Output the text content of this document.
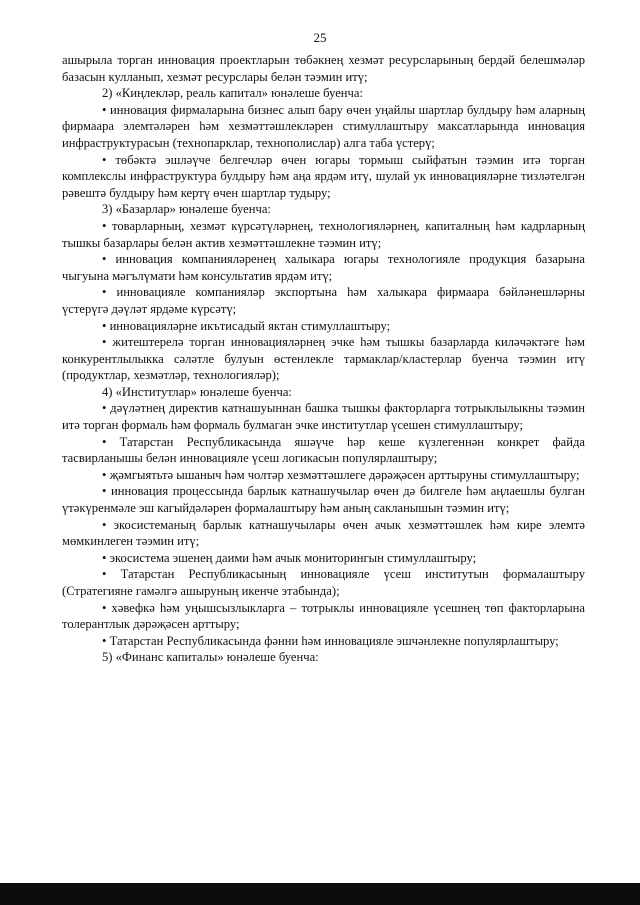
25

ашырыла торган инновация проектларын төбәкнең хезмәт ресурсларының бердәй белешмәләр базасын кулланып, хезмәт ресурслары белән тәэмин итү;

2) «Киңлекләр, реаль капитал» юнәлеше буенча:

• инновация фирмаларына бизнес алып бару өчен уңайлы шартлар булдыру һәм аларның фирмаара элемтәләрен һәм хезмәттәшлекләрен стимуллаштыру максатларында инновация инфраструктурасын (технопарклар, технополислар) алга таба үстерү;

• төбәктә эшләүче белгечләр өчен югары тормыш сыйфатын тәэмин итә торган комплекслы инфраструктура булдыру һәм аңа ярдәм итү, шулай ук инновацияләрне тизләтелгән рәвештә булдыру һәм кертү өчен шартлар тудыру;

3) «Базарлар» юнәлеше буенча:

• товарларның, хезмәт күрсәтүләрнең, технологияләрнең, капиталның һәм кадрларның тышкы базарлары белән актив хезмәттәшлекне тәэмин итү;

• инновация компанияләренең халыкара югары технологияле продукция базарына чыгуына мәгълүмати һәм консультатив ярдәм итү;

• инновацияле компанияләр экспортына һәм халыкара фирмаара бәйләнешләрны үстерүгә дәүләт ярдәме күрсәтү;

• инновацияләрне икътисадый яктан стимуллаштыру;

• житештерелә торган инновацияләрнең эчке һәм тышкы базарларда киләчәктәге һәм конкурентлылыкка сәләтле булуын өстенлекле тармаклар/кластерлар буенча тәэмин итү (продуктлар, хезмәтләр, технологияләр);

4) «Институтлар» юнәлеше буенча:

• дәүләтнең директив катнашуыннан башка тышкы факторларга тотрыклылыкны тәэмин итә торган формаль һәм формаль булмаган эчке институтлар үсешен стимуллаштыру;

• Татарстан Республикасында яшәүче һәр кеше күзлегеннән конкрет файда тасвирланышы белән инновацияле үсеш логикасын популярлаштыру;

• җәмгыятьтә ышаныч һәм чолтәр хезмәттәшлеге дәрәҗәсен арттыруны стимуллаштыру;

• инновация процессында барлык катнашучылар өчен дә билгеле һәм аңлаешлы булган үтәкүренмәле эш кагыйдәләрен формалаштыру һәм аның сакланышын тәэмин итү;

• экосистеманың барлык катнашучылары өчен ачык хезмәттәшлек һәм кире элемтә мөмкинлеген тәэмин итү;

• экосистема эшенең даими һәм ачык мониторингын стимуллаштыру;

• Татарстан Республикасының инновацияле үсеш институтын формалаштыру (Стратегияне гамәлгә ашыруның икенче этабында);

• хәвефкә һәм уңышсызлыкларга – тотрыклы инновацияле үсешнең төп факторларына толерантлык дәрәҗәсен арттыру;

• Татарстан Республикасында фәнни һәм инновацияле эшчәнлекне популярлаштыру;

5) «Финанс капиталы» юнәлеше буенча:
